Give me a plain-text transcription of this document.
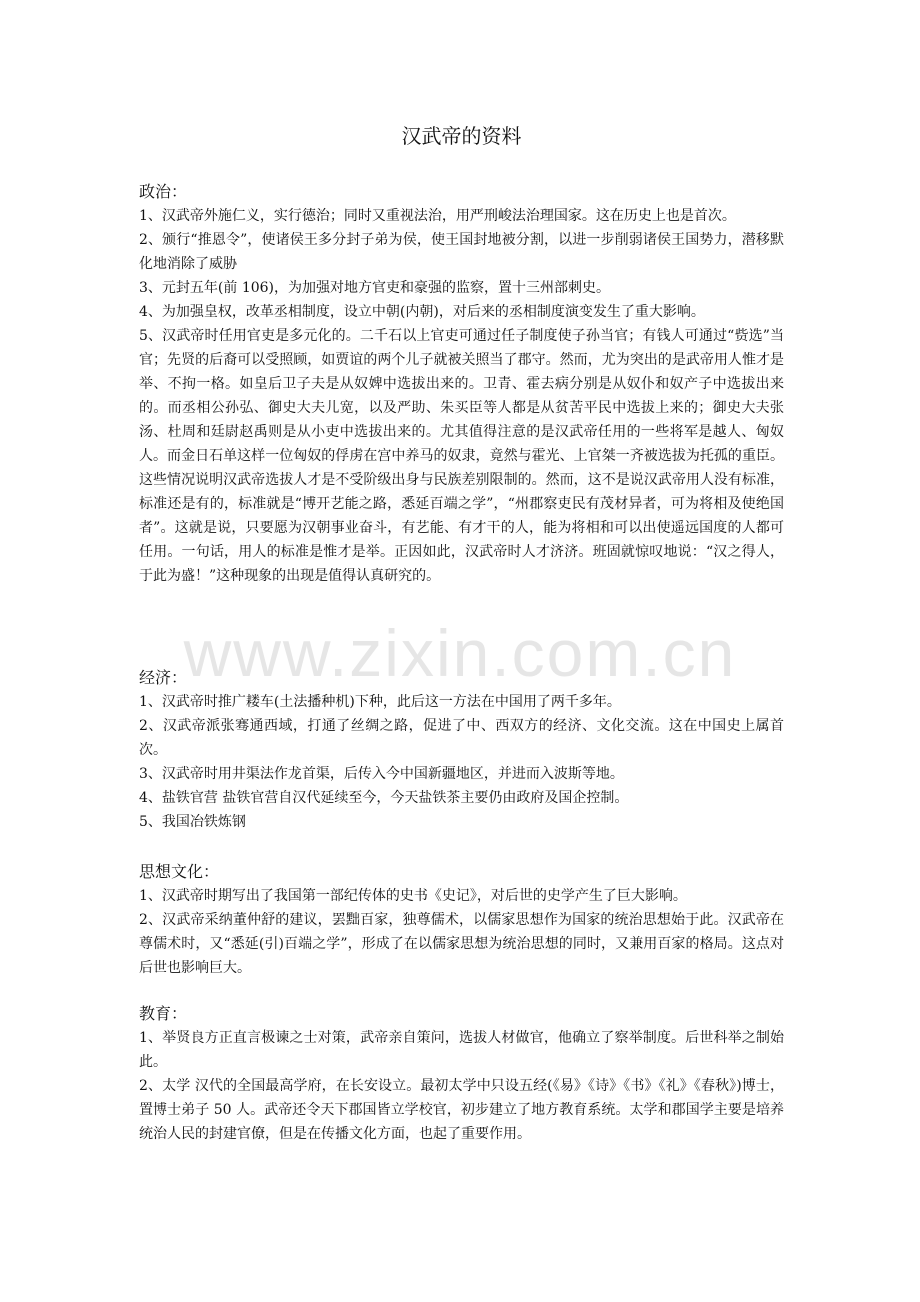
www.zixin.com.cn
汉武帝的资料
政治：

1、汉武帝外施仁义，实行德治；同时又重视法治，用严刑峻法治理国家。这在历史上也是首次。

2、颁行“推恩令”，使诸侯王多分封子弟为侯，使王国封地被分割，以进一步削弱诸侯王国势力，潜移默化地消除了威胁

3、元封五年(前 106)，为加强对地方官吏和豪强的监察，置十三州部刺史。

4、为加强皇权，改革丞相制度，设立中朝(内朝)，对后来的丞相制度演变发生了重大影响。

5、汉武帝时任用官吏是多元化的。二千石以上官吏可通过任子制度使子孙当官；有钱人可通过“赀选”当官；先贤的后裔可以受照顾，如贾谊的两个儿子就被关照当了郡守。然而，尤为突出的是武帝用人惟才是举、不拘一格。如皇后卫子夫是从奴婢中选拔出来的。卫青、霍去病分别是从奴仆和奴产子中选拔出来的。而丞相公孙弘、御史大夫儿宽，以及严助、朱买臣等人都是从贫苦平民中选拔上来的；御史大夫张汤、杜周和廷尉赵禹则是从小吏中选拔出来的。尤其值得注意的是汉武帝任用的一些将军是越人、匈奴人。而金日石单这样一位匈奴的俘虏在宫中养马的奴隶，竟然与霍光、上官桀一齐被选拔为托孤的重臣。这些情况说明汉武帝选拔人才是不受阶级出身与民族差别限制的。然而，这不是说汉武帝用人没有标准，标准还是有的，标准就是“博开艺能之路，悉延百端之学”，“州郡察吏民有茂材异者，可为将相及使绝国者”。这就是说，只要愿为汉朝事业奋斗，有艺能、有才干的人，能为将相和可以出使遥远国度的人都可任用。一句话，用人的标准是惟才是举。正因如此，汉武帝时人才济济。班固就惊叹地说：“汉之得人，于此为盛！”这种现象的出现是值得认真研究的。

经济：

1、汉武帝时推广耧车(土法播种机)下种，此后这一方法在中国用了两千多年。

2、汉武帝派张骞通西域，打通了丝绸之路，促进了中、西双方的经济、文化交流。这在中国史上属首次。

3、汉武帝时用井渠法作龙首渠，后传入今中国新疆地区，并进而入波斯等地。

4、盐铁官营 盐铁官营自汉代延续至今，今天盐铁茶主要仍由政府及国企控制。

5、我国冶铁炼钢

思想文化：

1、汉武帝时期写出了我国第一部纪传体的史书《史记》，对后世的史学产生了巨大影响。

2、汉武帝采纳董仲舒的建议，罢黜百家，独尊儒术，以儒家思想作为国家的统治思想始于此。汉武帝在尊儒术时，又“悉延(引)百端之学”，形成了在以儒家思想为统治思想的同时，又兼用百家的格局。这点对后世也影响巨大。

教育：

1、举贤良方正直言极谏之士对策，武帝亲自策问，选拔人材做官，他确立了察举制度。后世科举之制始此。

2、太学 汉代的全国最高学府，在长安设立。最初太学中只设五经(《易》《诗》《书》《礼》《春秋》)博士，置博士弟子 50 人。武帝还令天下郡国皆立学校官，初步建立了地方教育系统。太学和郡国学主要是培养统治人民的封建官僚，但是在传播文化方面，也起了重要作用。
